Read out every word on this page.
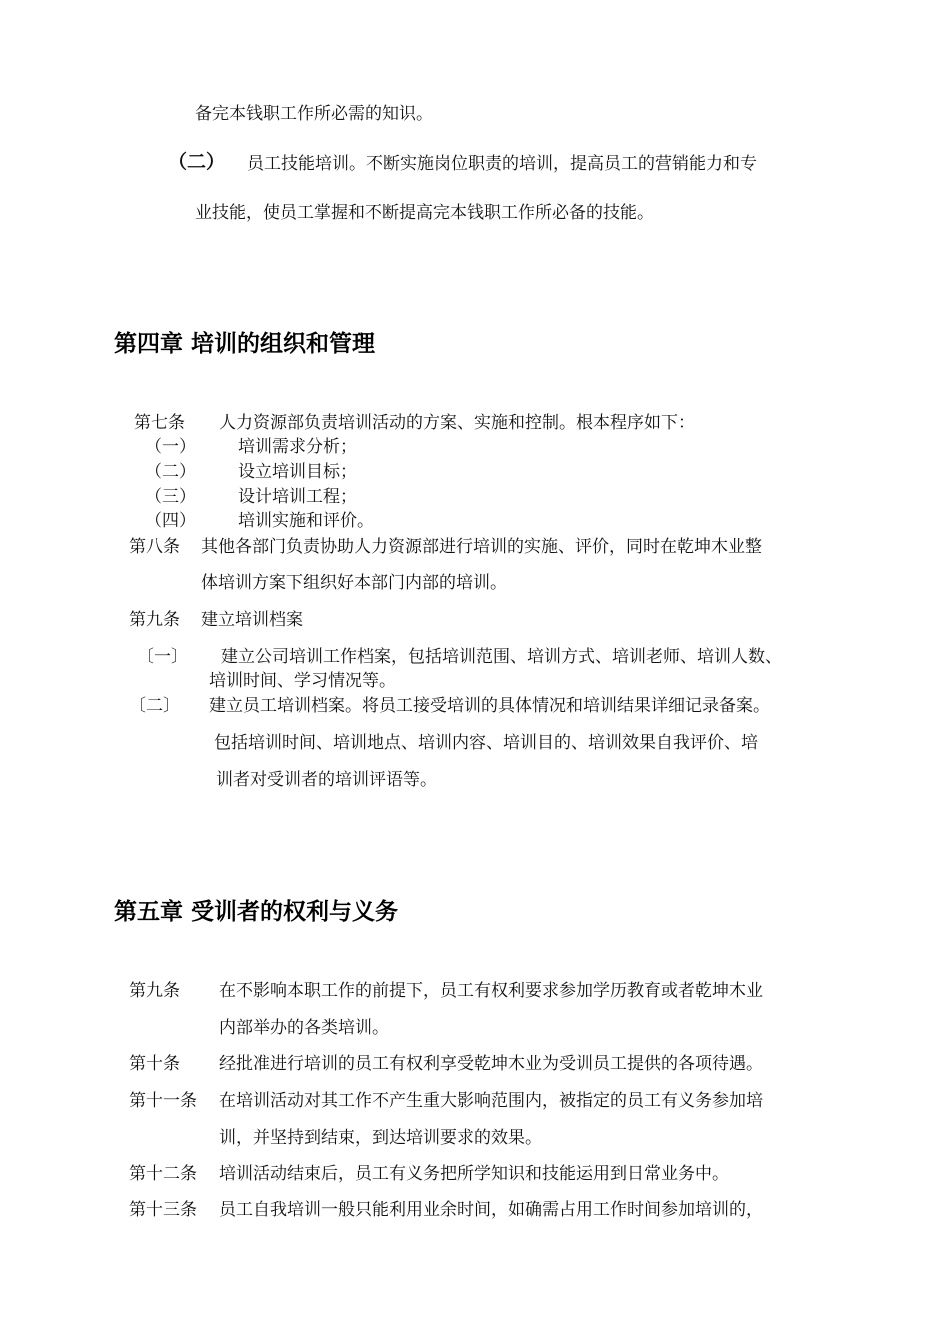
备完本钱职工作所必需的知识。
（二） 员工技能培训。不断实施岗位职责的培训，提高员工的营销能力和专
业技能，使员工掌握和不断提高完本钱职工作所必备的技能。
第四章 培训的组织和管理
第七条 人力资源部负责培训活动的方案、实施和控制。根本程序如下：
（一） 培训需求分析；
（二） 设立培训目标；
（三） 设计培训工程；
（四） 培训实施和评价。
第八条 其他各部门负责协助人力资源部进行培训的实施、评价，同时在乾坤木业整
体培训方案下组织好本部门内部的培训。
第九条 建立培训档案
〔一〕 建立公司培训工作档案，包括培训范围、培训方式、培训老师、培训人数、
培训时间、学习情况等。
〔二〕 建立员工培训档案。将员工接受培训的具体情况和培训结果详细记录备案。
包括培训时间、培训地点、培训内容、培训目的、培训效果自我评价、培
训者对受训者的培训评语等。
第五章 受训者的权利与义务
第九条 在不影响本职工作的前提下，员工有权利要求参加学历教育或者乾坤木业
内部举办的各类培训。
第十条 经批准进行培训的员工有权利享受乾坤木业为受训员工提供的各项待遇。
第十一条 在培训活动对其工作不产生重大影响范围内，被指定的员工有义务参加培
训，并坚持到结束，到达培训要求的效果。
第十二条 培训活动结束后，员工有义务把所学知识和技能运用到日常业务中。
第十三条 员工自我培训一般只能利用业余时间，如确需占用工作时间参加培训的，
